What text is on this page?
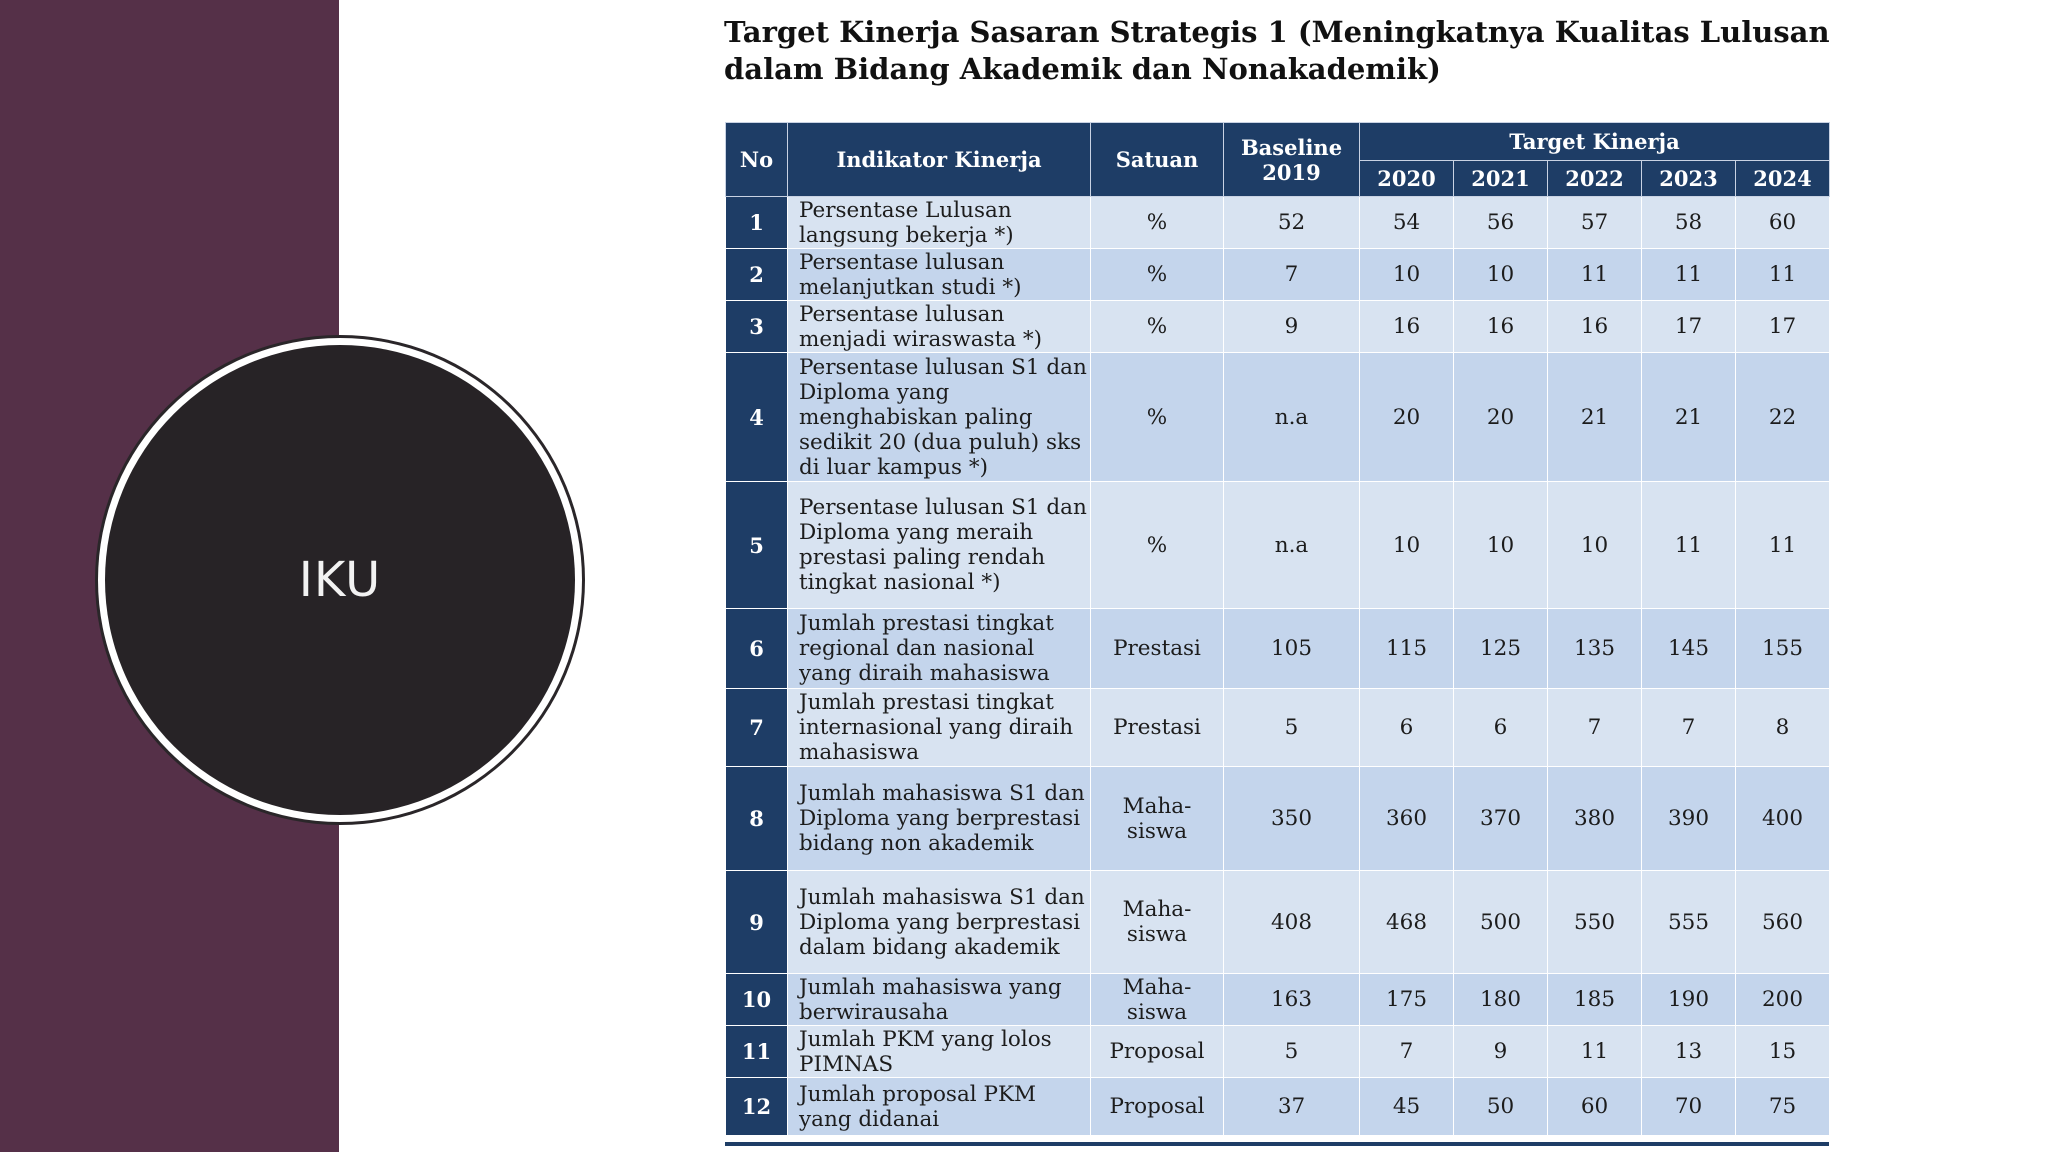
IKU
Target Kinerja Sasaran Strategis 1 (Meningkatnya Kualitas Lulusan dalam Bidang Akademik dan Nonakademik)
No	Indikator Kinerja	Satuan	Baseline 2019	Target Kinerja				
				2020	2021	2022	2023	2024
1	Persentase Lulusan langsung bekerja *)	%	52	54	56	57	58	60
2	Persentase lulusan melanjutkan studi *)	%	7	10	10	11	11	11
3	Persentase lulusan menjadi wiraswasta *)	%	9	16	16	16	17	17
4	Persentase lulusan S1 dan Diploma yang menghabiskan paling sedikit 20 (dua puluh) sks di luar kampus *)	%	n.a	20	20	21	21	22
5	Persentase lulusan S1 dan Diploma yang meraih prestasi paling rendah tingkat nasional *)	%	n.a	10	10	10	11	11
6	Jumlah prestasi tingkat regional dan nasional yang diraih mahasiswa	Prestasi	105	115	125	135	145	155
7	Jumlah prestasi tingkat internasional yang diraih mahasiswa	Prestasi	5	6	6	7	7	8
8	Jumlah mahasiswa S1 dan Diploma yang berprestasi bidang non akademik	Maha-siswa	350	360	370	380	390	400
9	Jumlah mahasiswa S1 dan Diploma yang berprestasi dalam bidang akademik	Maha-siswa	408	468	500	550	555	560
10	Jumlah mahasiswa yang berwirausaha	Maha-siswa	163	175	180	185	190	200
11	Jumlah PKM yang lolos PIMNAS	Proposal	5	7	9	11	13	15
12	Jumlah proposal PKM yang didanai	Proposal	37	45	50	60	70	75
